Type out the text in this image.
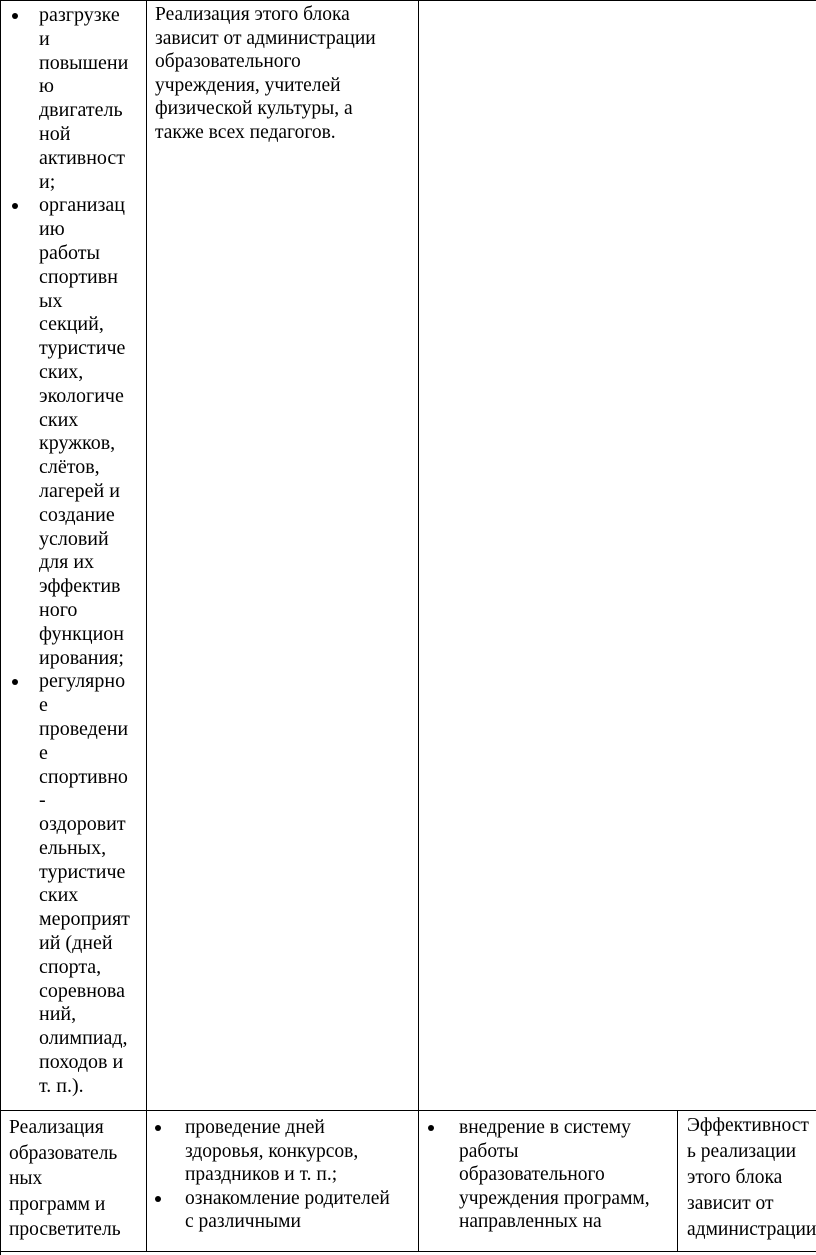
разгрузке
и
повышени
ю
двигатель
ной
активност
и;
организац
ию
работы
спортивн
ых
секций,
туристиче
ских,
экологиче
ских
кружков,
слётов,
лагерей и
создание
условий
для их
эффектив
ного
функцион
ирования;
регулярно
е
проведени
е
спортивно
-
оздоровит
ельных,
туристиче
ских
мероприят
ий (дней
спорта,
соревнова
ний,
олимпиад,
походов и
т. п.).
Реализация этого блока
зависит от администрации
образовательного
учреждения, учителей
физической культуры, а
также всех педагогов.
Реализация
образователь
ных
программ и
просветитель
проведение дней
здоровья, конкурсов,
праздников и т. п.;
ознакомление родителей
с различными
внедрение в систему
работы
образовательного
учреждения программ,
направленных на
Эффективност
ь реализации
этого блока
зависит от
администрации
